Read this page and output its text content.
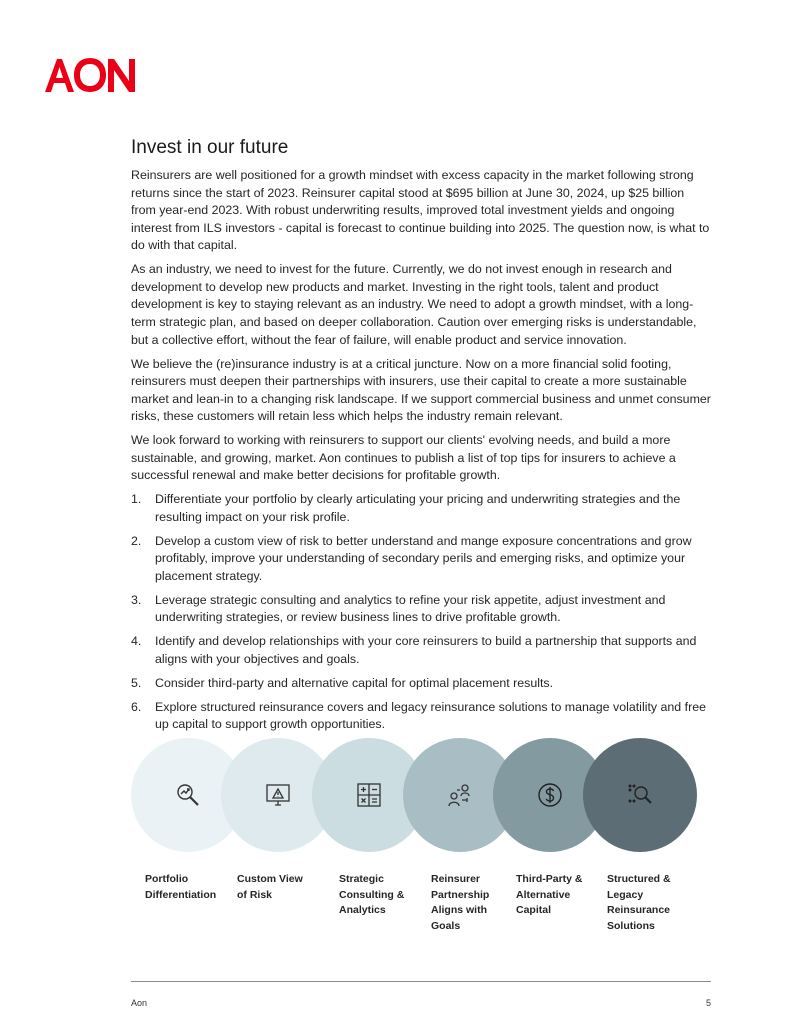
Invest in our future

Reinsurers are well positioned for a growth mindset with excess capacity in the market following strong returns since the start of 2023. Reinsurer capital stood at $695 billion at June 30, 2024, up $25 billion from year-end 2023. With robust underwriting results, improved total investment yields and ongoing interest from ILS investors - capital is forecast to continue building into 2025. The question now, is what to do with that capital.

As an industry, we need to invest for the future. Currently, we do not invest enough in research and development to develop new products and market. Investing in the right tools, talent and product development is key to staying relevant as an industry. We need to adopt a growth mindset, with a long-term strategic plan, and based on deeper collaboration. Caution over emerging risks is understandable, but a collective effort, without the fear of failure, will enable product and service innovation.

We believe the (re)insurance industry is at a critical juncture. Now on a more financial solid footing, reinsurers must deepen their partnerships with insurers, use their capital to create a more sustainable market and lean-in to a changing risk landscape. If we support commercial business and unmet consumer risks, these customers will retain less which helps the industry remain relevant.

We look forward to working with reinsurers to support our clients' evolving needs, and build a more sustainable, and growing, market. Aon continues to publish a list of top tips for insurers to achieve a successful renewal and make better decisions for profitable growth.

1. Differentiate your portfolio by clearly articulating your pricing and underwriting strategies and the resulting impact on your risk profile.
2. Develop a custom view of risk to better understand and mange exposure concentrations and grow profitably, improve your understanding of secondary perils and emerging risks, and optimize your placement strategy.
3. Leverage strategic consulting and analytics to refine your risk appetite, adjust investment and underwriting strategies, or review business lines to drive profitable growth.
4. Identify and develop relationships with your core reinsurers to build a partnership that supports and aligns with your objectives and goals.
5. Consider third-party and alternative capital for optimal placement results.
6. Explore structured reinsurance covers and legacy reinsurance solutions to manage volatility and free up capital to support growth opportunities.
Portfolio
Differentiation
Custom View
of Risk
Strategic
Consulting &
Analytics
Reinsurer
Partnership
Aligns with
Goals
Third-Party &
Alternative
Capital
Structured &
Legacy
Reinsurance
Solutions
Aon	5
